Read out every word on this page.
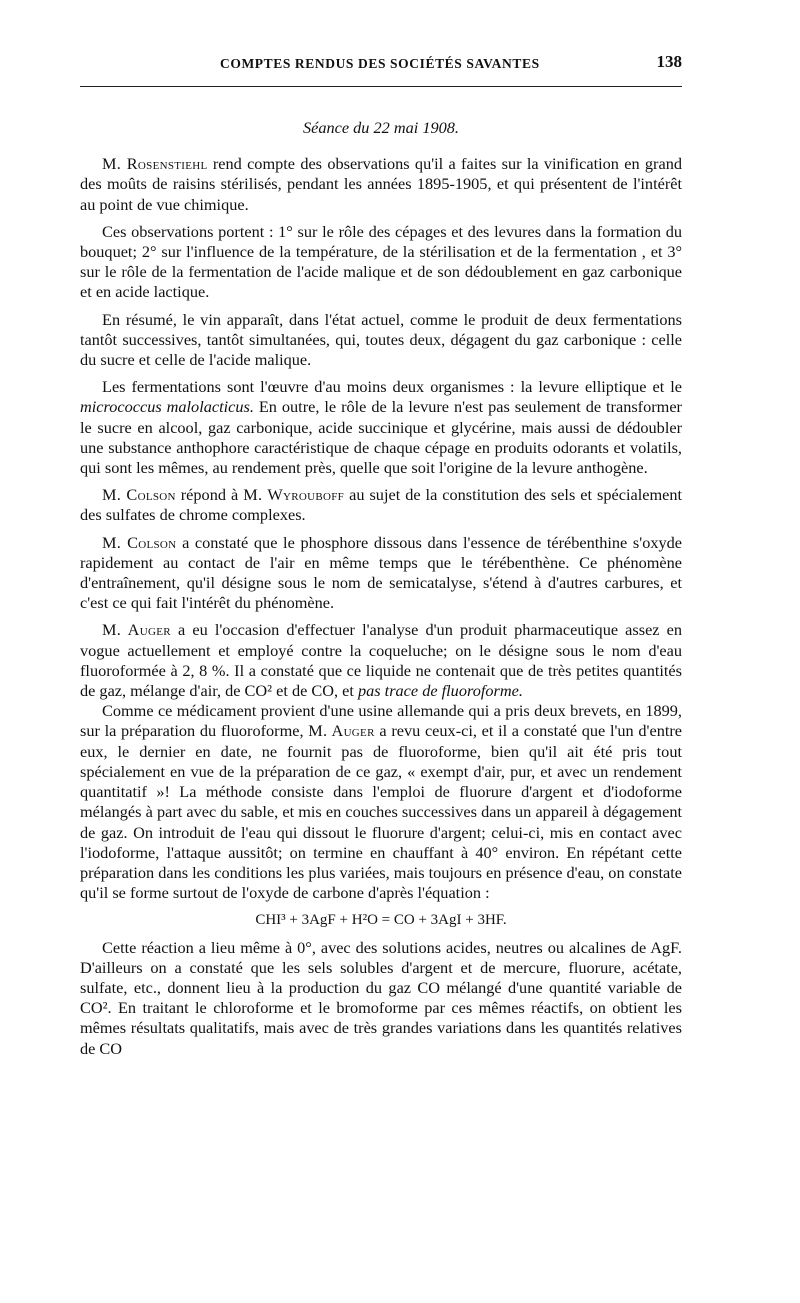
COMPTES RENDUS DES SOCIÉTÉS SAVANTES	138
Séance du 22 mai 1908.

M. Rosenstiehl rend compte des observations qu'il a faites sur la vinification en grand des moûts de raisins stérilisés, pendant les années 1895-1905, et qui présentent de l'intérêt au point de vue chimique.

Ces observations portent : 1° sur le rôle des cépages et des levures dans la formation du bouquet; 2° sur l'influence de la température, de la stérilisation et de la fermentation , et 3° sur le rôle de la fermentation de l'acide malique et de son dédoublement en gaz carbonique et en acide lactique.

En résumé, le vin apparaît, dans l'état actuel, comme le produit de deux fermentations tantôt successives, tantôt simultanées, qui, toutes deux, dégagent du gaz carbonique : celle du sucre et celle de l'acide malique.

Les fermentations sont l'œuvre d'au moins deux organismes : la levure elliptique et le micrococcus malolacticus. En outre, le rôle de la levure n'est pas seulement de transformer le sucre en alcool, gaz carbonique, acide succinique et glycérine, mais aussi de dédoubler une substance anthophore caractéristique de chaque cépage en produits odorants et volatils, qui sont les mêmes, au rendement près, quelle que soit l'origine de la levure anthogène.

M. Colson répond à M. Wyrouboff au sujet de la constitution des sels et spécialement des sulfates de chrome complexes.

M. Colson a constaté que le phosphore dissous dans l'essence de térébenthine s'oxyde rapidement au contact de l'air en même temps que le térébenthène. Ce phénomène d'entraînement, qu'il désigne sous le nom de semicatalyse, s'étend à d'autres carbures, et c'est ce qui fait l'intérêt du phénomène.

M. Auger a eu l'occasion d'effectuer l'analyse d'un produit pharmaceutique assez en vogue actuellement et employé contre la coqueluche; on le désigne sous le nom d'eau fluoroformée à 2, 8 %. Il a constaté que ce liquide ne contenait que de très petites quantités de gaz, mélange d'air, de CO² et de CO, et pas trace de fluoroforme.

Comme ce médicament provient d'une usine allemande qui a pris deux brevets, en 1899, sur la préparation du fluoroforme, M. Auger a revu ceux-ci, et il a constaté que l'un d'entre eux, le dernier en date, ne fournit pas de fluoroforme, bien qu'il ait été pris tout spécialement en vue de la préparation de ce gaz, « exempt d'air, pur, et avec un rendement quantitatif »! La méthode consiste dans l'emploi de fluorure d'argent et d'iodoforme mélangés à part avec du sable, et mis en couches successives dans un appareil à dégagement de gaz. On introduit de l'eau qui dissout le fluorure d'argent; celui-ci, mis en contact avec l'iodoforme, l'attaque aussitôt; on termine en chauffant à 40° environ. En répétant cette préparation dans les conditions les plus variées, mais toujours en présence d'eau, on constate qu'il se forme surtout de l'oxyde de carbone d'après l'équation :

CHI³ + 3AgF + H²O = CO + 3AgI + 3HF.

Cette réaction a lieu même à 0°, avec des solutions acides, neutres ou alcalines de AgF. D'ailleurs on a constaté que les sels solubles d'argent et de mercure, fluorure, acétate, sulfate, etc., donnent lieu à la production du gaz CO mélangé d'une quantité variable de CO². En traitant le chloroforme et le bromoforme par ces mêmes réactifs, on obtient les mêmes résultats qualitatifs, mais avec de très grandes variations dans les quantités relatives de CO
